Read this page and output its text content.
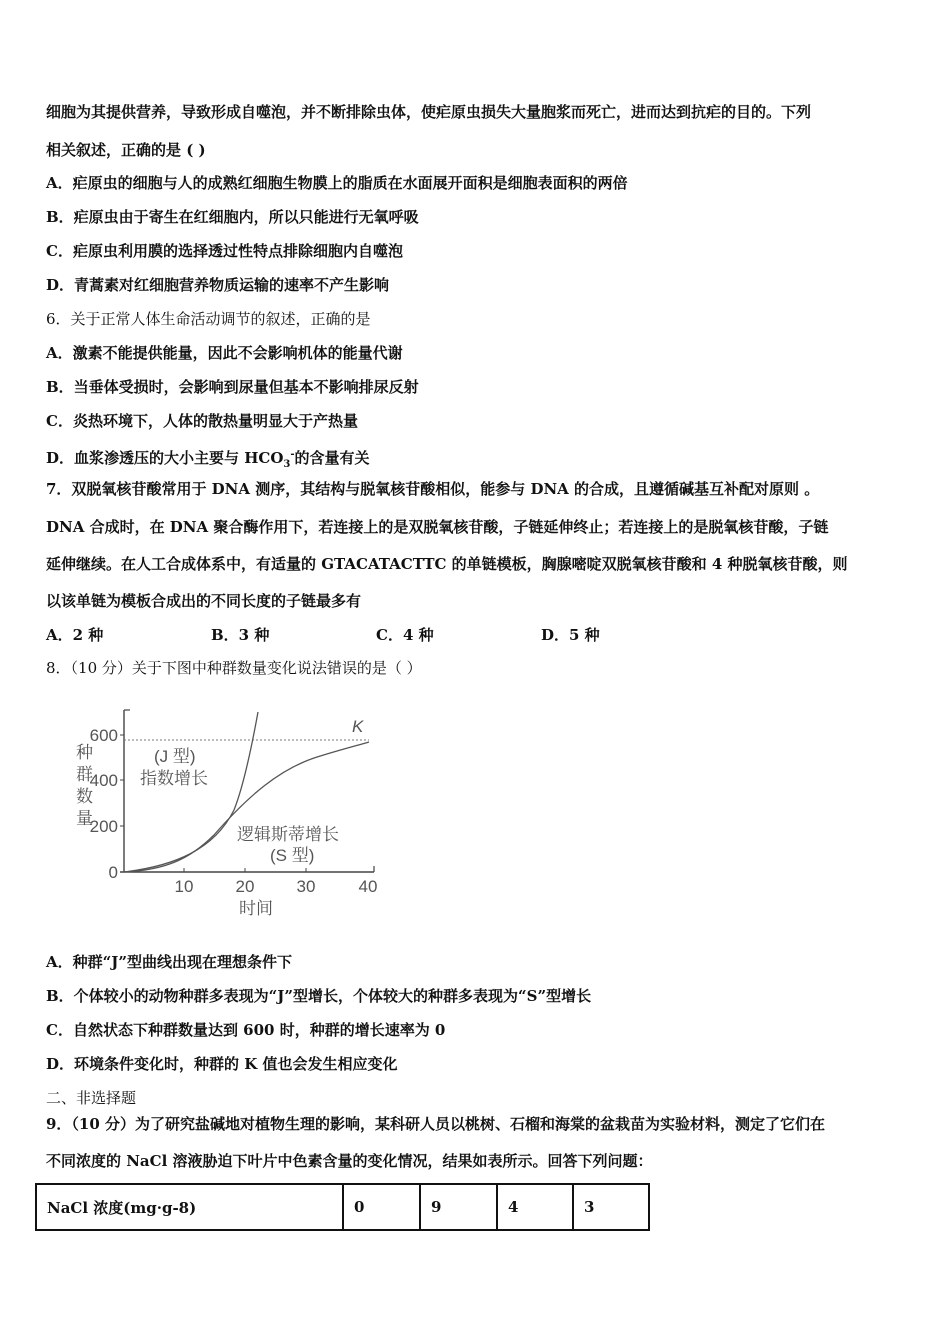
细胞为其提供营养，导致形成自噬泡，并不断排除虫体，使疟原虫损失大量胞浆而死亡，进而达到抗疟的目的。下列
相关叙述，正确的是 ( )
A．疟原虫的细胞与人的成熟红细胞生物膜上的脂质在水面展开面积是细胞表面积的两倍
B．疟原虫由于寄生在红细胞内，所以只能进行无氧呼吸
C．疟原虫利用膜的选择透过性特点排除细胞内自噬泡
D．青蒿素对红细胞营养物质运输的速率不产生影响
6．关于正常人体生命活动调节的叙述，正确的是
A．激素不能提供能量，因此不会影响机体的能量代谢
B．当垂体受损时，会影响到尿量但基本不影响排尿反射
C．炎热环境下，人体的散热量明显大于产热量
D．血浆渗透压的大小主要与 $HCO_3^-$的含量有关
7．双脱氧核苷酸常用于 DNA 测序，其结构与脱氧核苷酸相似，能参与 DNA 的合成，且遵循碱基互补配对原则 。
DNA 合成时，在 DNA 聚合酶作用下，若连接上的是双脱氧核苷酸，子链延伸终止；若连接上的是脱氧核苷酸，子链
延伸继续。在人工合成体系中，有适量的 GTACATACTTC 的单链模板，胸腺嘧啶双脱氧核苷酸和 4 种脱氧核苷酸，则
以该单链为模板合成出的不同长度的子链最多有
A．2 种	B．3 种	C．4 种	D．5 种
8．（10 分）关于下图中种群数量变化说法错误的是（ ）
600
400
200
0
10 20 30	40
种
群
数
量
时间
K
(J 型)
指数增长
逻辑斯蒂增长
(S 型)
A．种群“J”型曲线出现在理想条件下
B．个体较小的动物种群多表现为“J”型增长，个体较大的种群多表现为“S”型增长
C．自然状态下种群数量达到 600 时，种群的增长速率为 0
D．环境条件变化时，种群的 K 值也会发生相应变化
二、非选择题
9．（10 分）为了研究盐碱地对植物生理的影响，某科研人员以桃树、石榴和海棠的盆栽苗为实验材料，测定了它们在
不同浓度的 NaCl 溶液胁迫下叶片中色素含量的变化情况，结果如表所示。回答下列问题：
NaCl 浓度(mg·g-8)	0	9	4	3
